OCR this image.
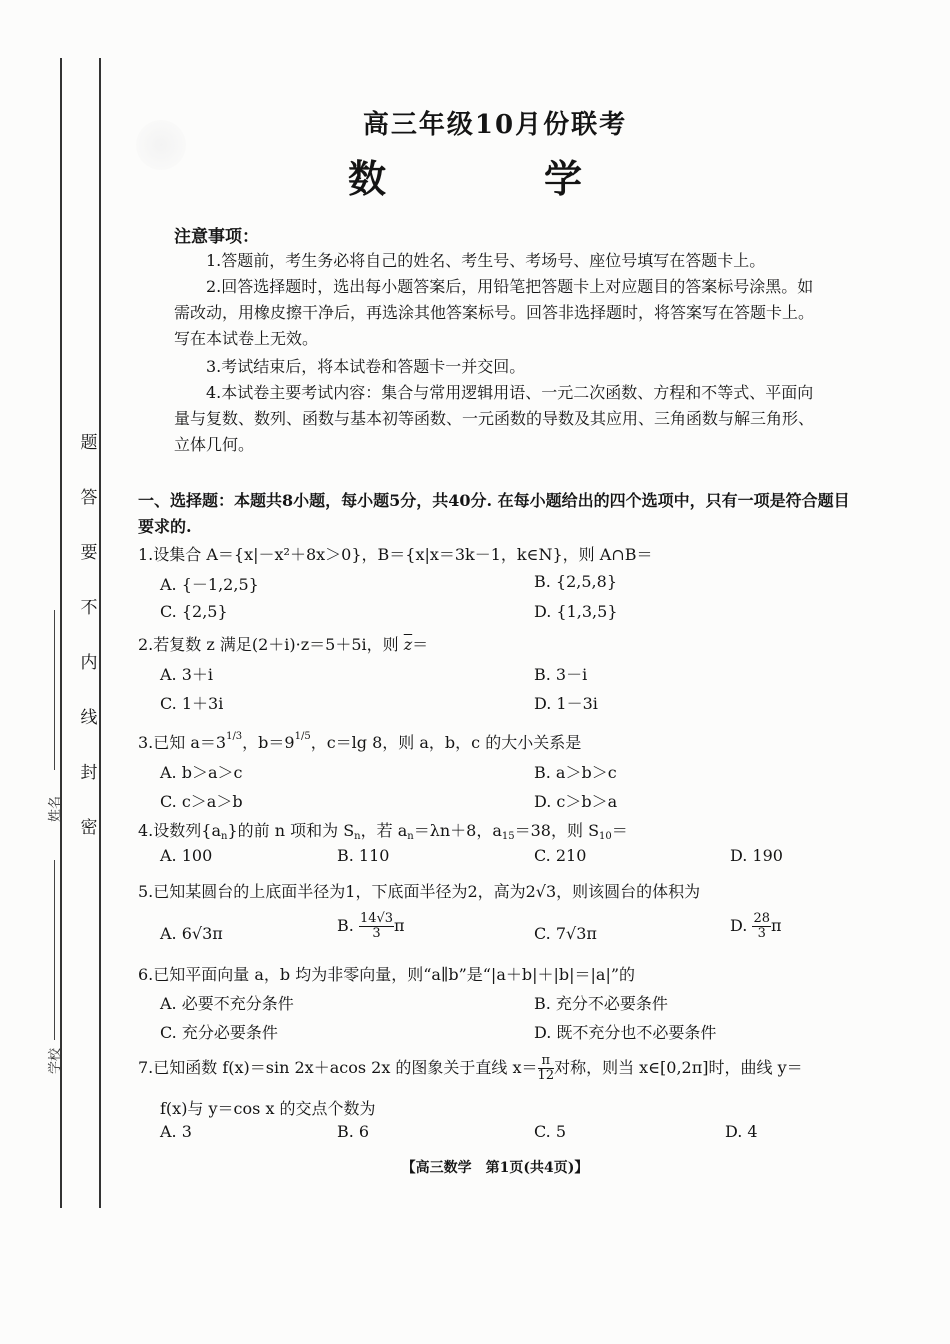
姓名
学校
题
答
要
不
内
线
封
密
高三年级10月份联考
数　学
注意事项：
1.答题前，考生务必将自己的姓名、考生号、考场号、座位号填写在答题卡上。
2.回答选择题时，选出每小题答案后，用铅笔把答题卡上对应题目的答案标号涂黑。如需改动，用橡皮擦干净后，再选涂其他答案标号。回答非选择题时，将答案写在答题卡上。写在本试卷上无效。
3.考试结束后，将本试卷和答题卡一并交回。
4.本试卷主要考试内容：集合与常用逻辑用语、一元二次函数、方程和不等式、平面向量与复数、数列、函数与基本初等函数、一元函数的导数及其应用、三角函数与解三角形、立体几何。
一、选择题：本题共8小题，每小题5分，共40分. 在每小题给出的四个选项中，只有一项是符合题目要求的.
1.设集合 A＝{x|－x²＋8x＞0}，B＝{x|x＝3k－1，k∈N}，则 A∩B＝
A. {－1,2,5}	B. {2,5,8}
C. {2,5}	D. {1,3,5}
2.若复数 z 满足(2＋i)·z＝5＋5i，则 $\overline{z}=$
A. 3＋i	B. 3－i
C. 1＋3i	D. 1－3i
3.已知 $a=3^{1/3}$，$b=9^{1/5}$，c＝lg 8，则 a，b，c 的大小关系是
A. b＞a＞c	B. a＞b＞c
C. c＞a＞b	D. c＞b＞a
4.设数列$\{a_n\}$的前 n 项和为 $S_n$，若 $a_n=\lambda n+8$，$a_{15}=38$，则 $S_{10}=$
A. 100	B. 110	C. 210	D. 190
5.已知某圆台的上底面半径为1，下底面半径为2，高为2√3，则该圆台的体积为
A. 6√3π	B. $\frac{14√3}{3}$ π	C. 7√3π	D. $\frac{28}{3}$ π
6.已知平面向量 a，b 均为非零向量，则“a∥b”是“|a＋b|＋|b|＝|a|”的
A. 必要不充分条件	B. 充分不必要条件
C. 充分必要条件	D. 既不充分也不必要条件
7.已知函数 f(x)＝sin 2x＋acos 2x 的图象关于直线 $x= \frac{\pi}{12}$ 对称，则当 x∈[0,2π]时，曲线 y＝
f(x)与 y＝cos x 的交点个数为
A. 3	B. 6	C. 5	D. 4
【高三数学　第1页(共4页)】
